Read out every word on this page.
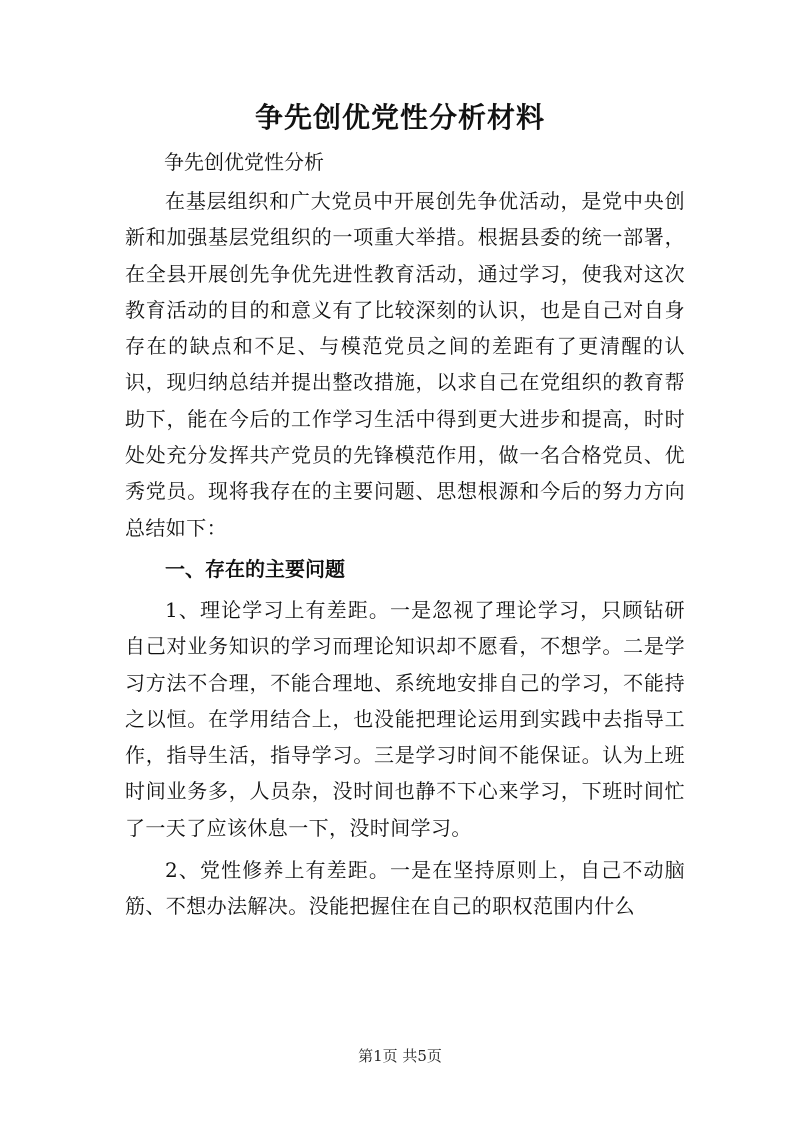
争先创优党性分析材料

争先创优党性分析

在基层组织和广大党员中开展创先争优活动，是党中央创新和加强基层党组织的一项重大举措。根据县委的统一部署，在全县开展创先争优先进性教育活动，通过学习，使我对这次教育活动的目的和意义有了比较深刻的认识，也是自己对自身存在的缺点和不足、与模范党员之间的差距有了更清醒的认识，现归纳总结并提出整改措施，以求自己在党组织的教育帮助下，能在今后的工作学习生活中得到更大进步和提高，时时处处充分发挥共产党员的先锋模范作用，做一名合格党员、优秀党员。现将我存在的主要问题、思想根源和今后的努力方向总结如下：

一、存在的主要问题

1、理论学习上有差距。一是忽视了理论学习，只顾钻研自己对业务知识的学习而理论知识却不愿看，不想学。二是学习方法不合理，不能合理地、系统地安排自己的学习，不能持之以恒。在学用结合上，也没能把理论运用到实践中去指导工作，指导生活，指导学习。三是学习时间不能保证。认为上班时间业务多，人员杂，没时间也静不下心来学习，下班时间忙了一天了应该休息一下，没时间学习。

2、党性修养上有差距。一是在坚持原则上，自己不动脑筋、不想办法解决。没能把握住在自己的职权范围内什么

第1页 共5页
